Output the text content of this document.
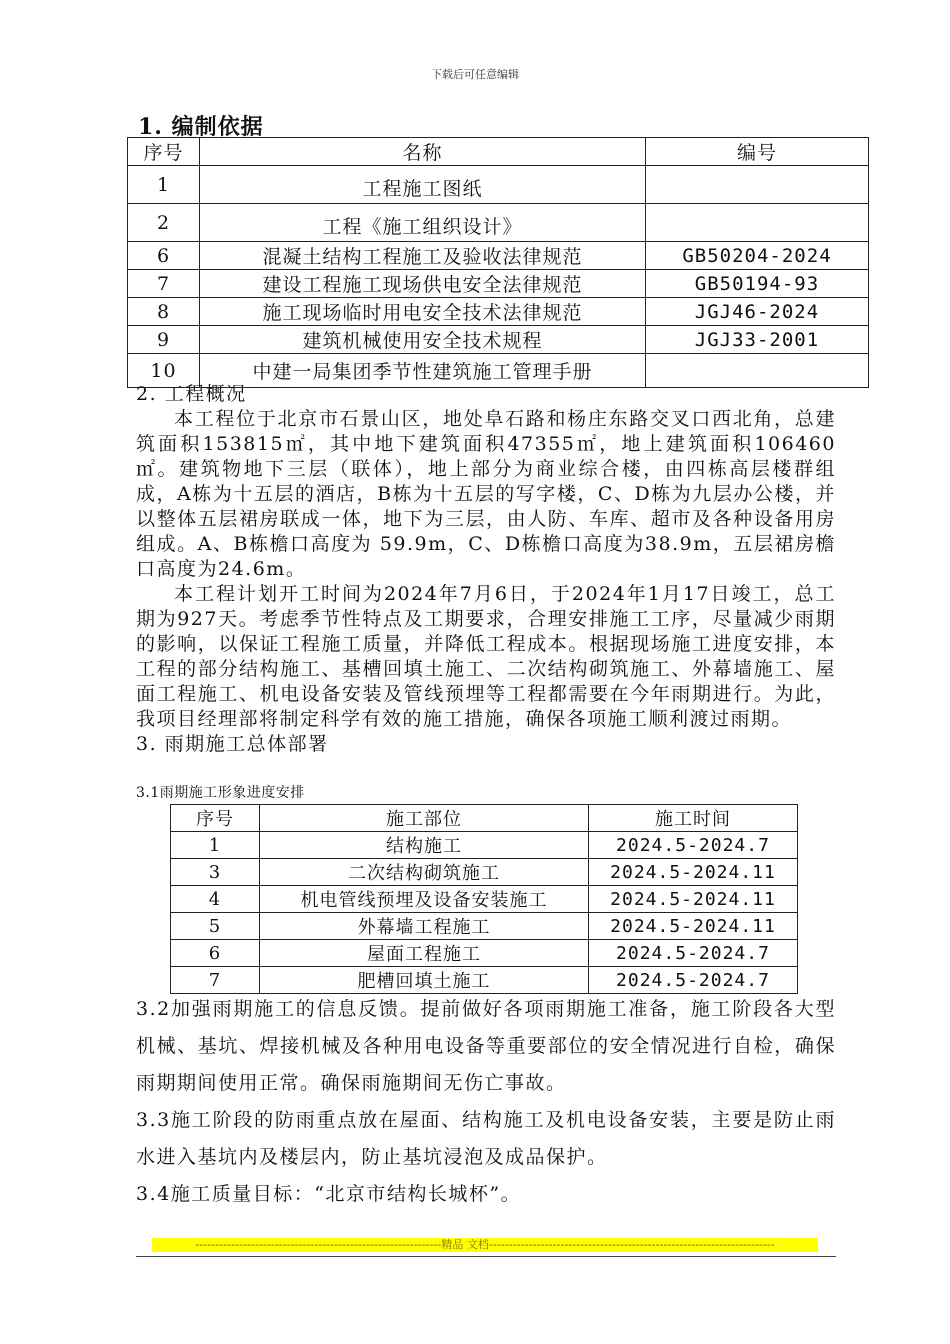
下载后可任意编辑
1. 编制依据
序号	名称	编号
1	工程施工图纸	
2	工程《施工组织设计》	
6	混凝土结构工程施工及验收法律规范	GB50204-2024
7	建设工程施工现场供电安全法律规范	GB50194-93
8	施工现场临时用电安全技术法律规范	JGJ46-2024
9	建筑机械使用安全技术规程	JGJ33-2001
10	中建一局集团季节性建筑施工管理手册	
2. 工程概况

本工程位于北京市石景山区，地处阜石路和杨庄东路交叉口西北角，总建筑面积153815㎡，其中地下建筑面积47355㎡，地上建筑面积106460㎡。建筑物地下三层（联体），地上部分为商业综合楼，由四栋高层楼群组成，A栋为十五层的酒店，B栋为十五层的写字楼，C、D栋为九层办公楼，并以整体五层裙房联成一体，地下为三层，由人防、车库、超市及各种设备用房组成。A、B栋檐口高度为 59.9m，C、D栋檐口高度为38.9m，五层裙房檐口高度为24.6m。

本工程计划开工时间为2024年7月6日，于2024年1月17日竣工，总工期为927天。考虑季节性特点及工期要求，合理安排施工工序，尽量减少雨期的影响，以保证工程施工质量，并降低工程成本。根据现场施工进度安排，本工程的部分结构施工、基槽回填土施工、二次结构砌筑施工、外幕墙施工、屋面工程施工、机电设备安装及管线预埋等工程都需要在今年雨期进行。为此，我项目经理部将制定科学有效的施工措施，确保各项施工顺利渡过雨期。

3. 雨期施工总体部署
3.1雨期施工形象进度安排
序号	施工部位	施工时间
1	结构施工	2024.5-2024.7
3	二次结构砌筑施工	2024.5-2024.11
4	机电管线预埋及设备安装施工	2024.5-2024.11
5	外幕墙工程施工	2024.5-2024.11
6	屋面工程施工	2024.5-2024.7
7	肥槽回填土施工	2024.5-2024.7

3.2加强雨期施工的信息反馈。提前做好各项雨期施工准备，施工阶段各大型机械、基坑、焊接机械及各种用电设备等重要部位的安全情况进行自检，确保雨期期间使用正常。确保雨施期间无伤亡事故。

3.3施工阶段的防雨重点放在屋面、结构施工及机电设备安装，主要是防止雨水进入基坑内及楼层内，防止基坑浸泡及成品保护。

3.4施工质量目标：“北京市结构长城杯”。

--------------------------------------------------------------精品 文档------------------------------------------------------------------------
